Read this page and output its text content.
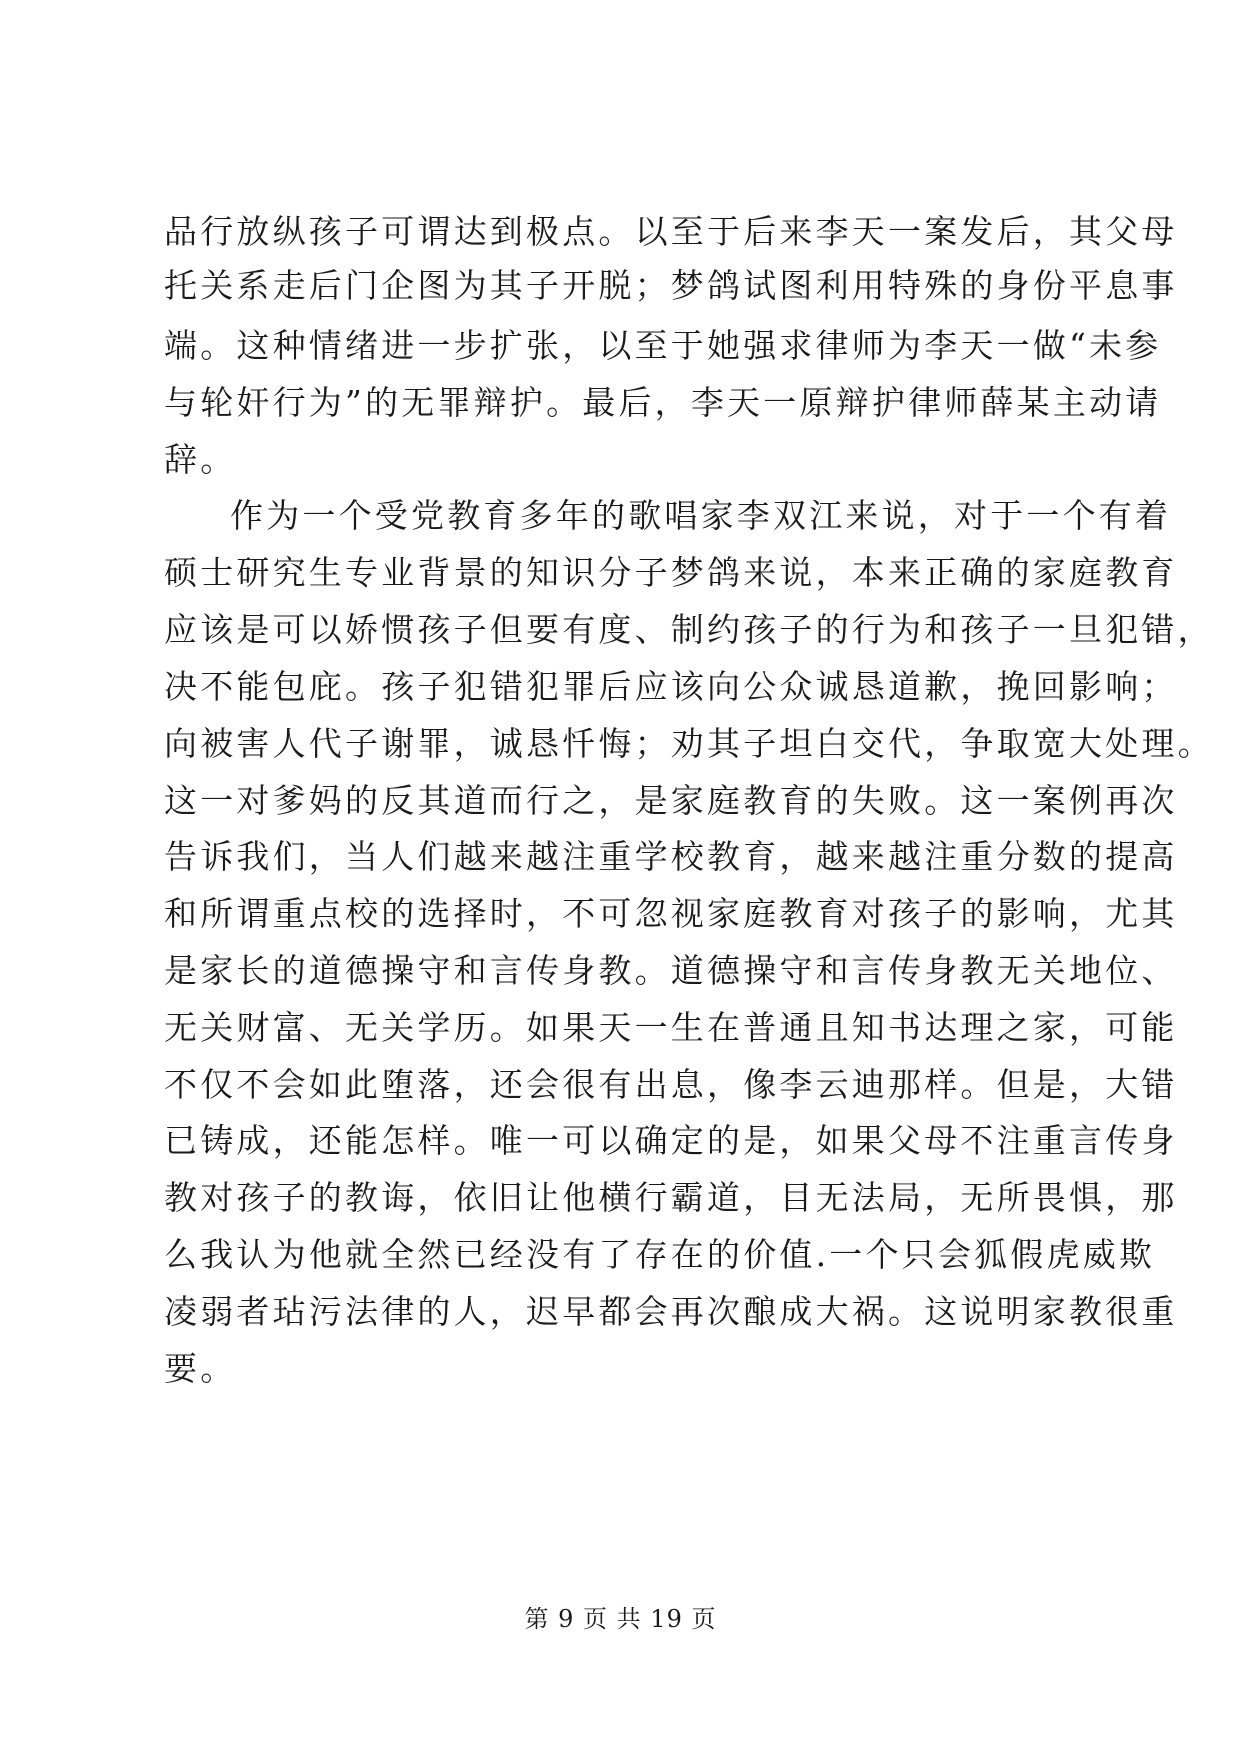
品行放纵孩子可谓达到极点。以至于后来李天一案发后，其父母
托关系走后门企图为其子开脱；梦鸽试图利用特殊的身份平息事
端。这种情绪进一步扩张，以至于她强求律师为李天一做“未参
与轮奸行为”的无罪辩护。最后，李天一原辩护律师薛某主动请
辞。
作为一个受党教育多年的歌唱家李双江来说，对于一个有着
硕士研究生专业背景的知识分子梦鸽来说，本来正确的家庭教育
应该是可以娇惯孩子但要有度、制约孩子的行为和孩子一旦犯错，
决不能包庇。孩子犯错犯罪后应该向公众诚恳道歉，挽回影响；
向被害人代子谢罪，诚恳忏悔；劝其子坦白交代，争取宽大处理。
这一对爹妈的反其道而行之，是家庭教育的失败。这一案例再次
告诉我们，当人们越来越注重学校教育，越来越注重分数的提高
和所谓重点校的选择时，不可忽视家庭教育对孩子的影响，尤其
是家长的道德操守和言传身教。道德操守和言传身教无关地位、
无关财富、无关学历。如果天一生在普通且知书达理之家，可能
不仅不会如此堕落，还会很有出息，像李云迪那样。但是，大错
已铸成，还能怎样。唯一可以确定的是，如果父母不注重言传身
教对孩子的教诲，依旧让他横行霸道，目无法局，无所畏惧，那
么我认为他就全然已经没有了存在的价值.一个只会狐假虎威欺
凌弱者玷污法律的人，迟早都会再次酿成大祸。这说明家教很重
要。
第 9 页 共 19 页
